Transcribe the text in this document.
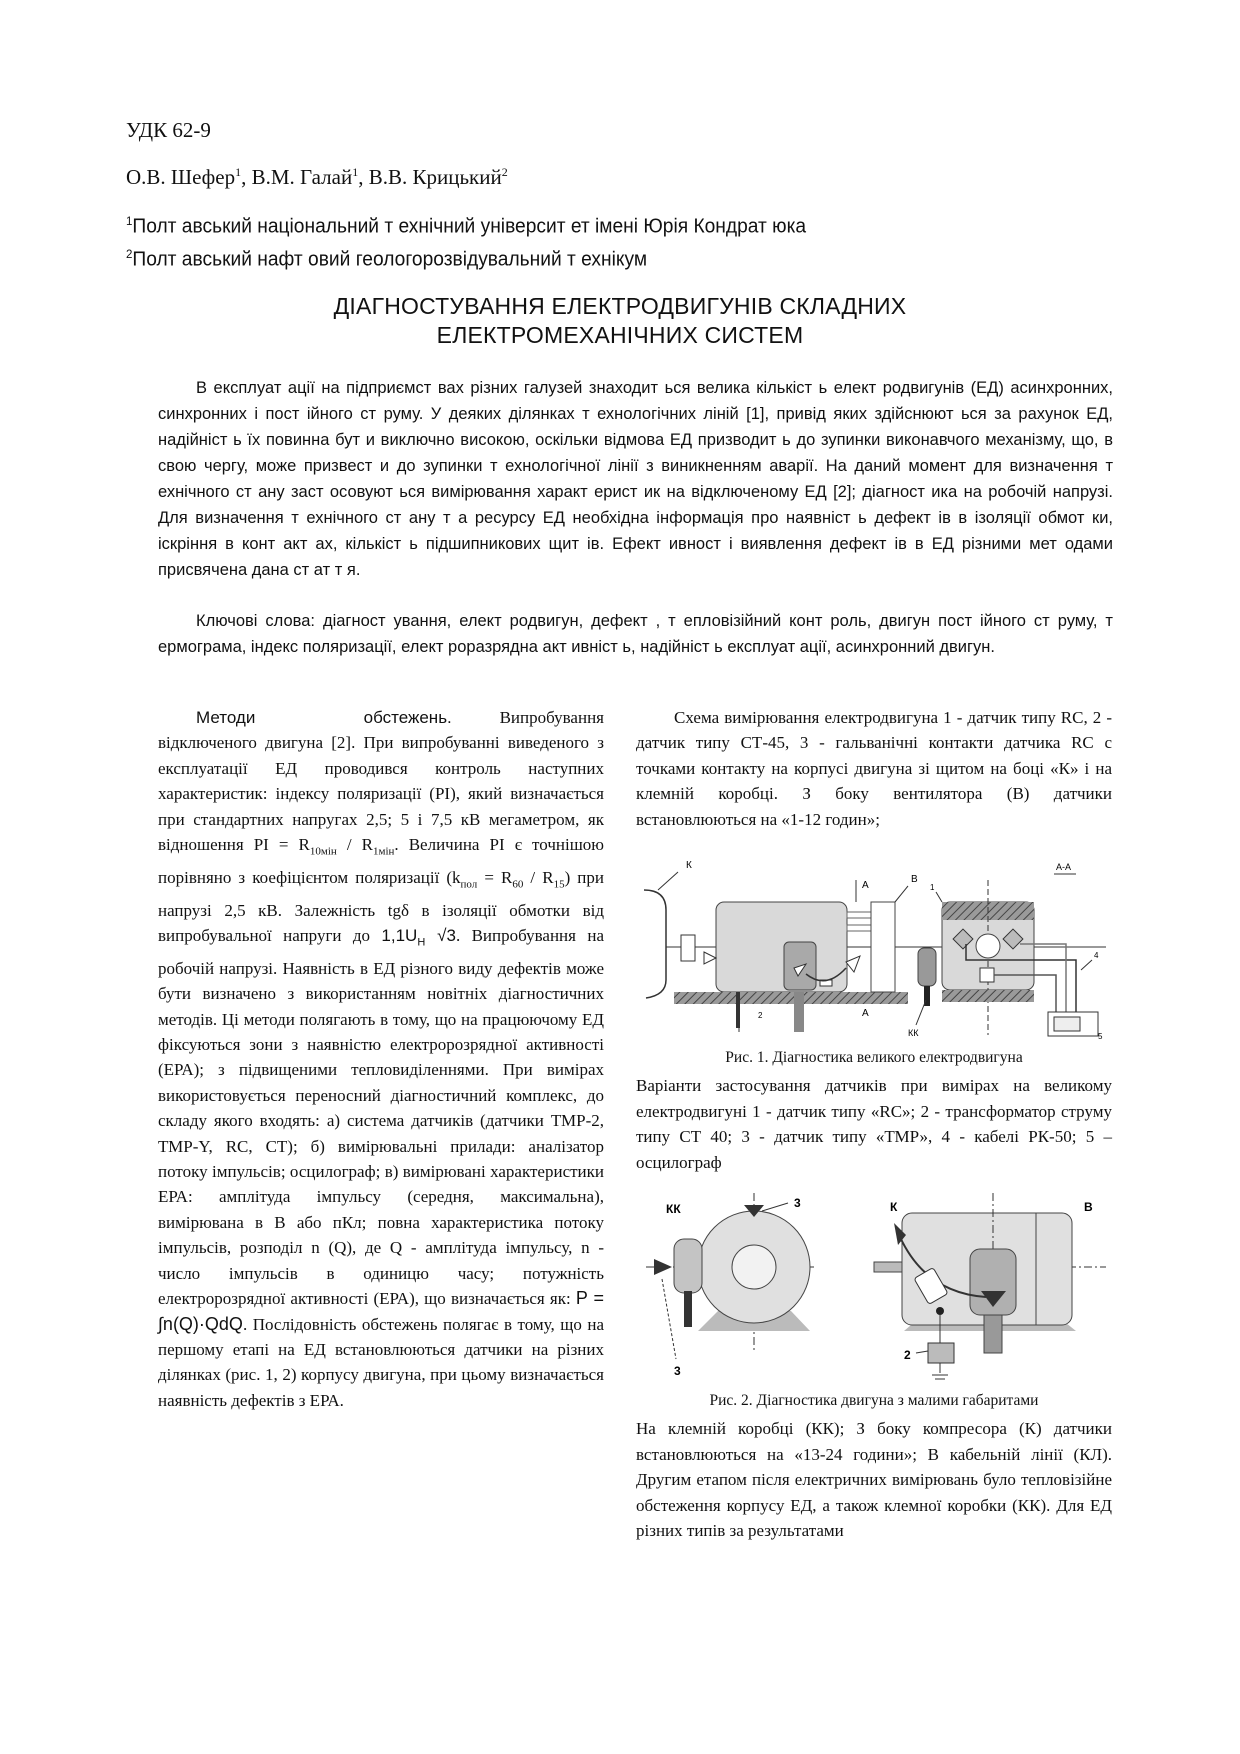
УДК 62-9
О.В. Шефер$^1$, В.М. Галай$^1$, В.В. Крицький$^2$
$^1$Полт авський національний т ехнічний університ ет імені Юрія Кондрат юка
$^2$Полт авський нафт овий геологорозвідувальний т ехнікум
ДІАГНОСТУВАННЯ ЕЛЕКТРОДВИГУНІВ СКЛАДНИХ
ЕЛЕКТРОМЕХАНІЧНИХ СИСТЕМ

В експлуат ації на підприємст вах різних галузей знаходит ься велика кількіст ь елект родвигунів (ЕД) асинхронних, синхронних і пост ійного ст руму. У деяких ділянках т ехнологічних ліній [1], привід яких здійснюют ься за рахунок ЕД, надійніст ь їх повинна бут и виключно високою, оскільки відмова ЕД призводит ь до зупинки виконавчого механізму, що, в свою чергу, може призвест и до зупинки т ехнологічної лінії з виникненням аварії. На даний момент для визначення т ехнічного ст ану заст осовуют ься вимірювання характ ерист ик на відключеному ЕД [2]; діагност ика на робочій напрузі. Для визначення т ехнічного ст ану т а ресурсу ЕД необхідна інформація про наявніст ь дефект ів в ізоляції обмот ки, іскріння в конт акт ах, кількіст ь підшипникових щит ів. Ефект ивност і виявлення дефект ів в ЕД різними мет одами присвячена дана ст ат т я.

Ключові слова: діагност ування, елект родвигун, дефект , т епловізійний конт роль, двигун пост ійного ст руму, т ермограма, індекс поляризації, елект роразрядна акт ивніст ь, надійніст ь експлуат ації, асинхронний двигун.

Методи обстежень.	Випробування відключеного двигуна [2]. При випробуванні виведеного з експлуатації ЕД проводився контроль наступних характеристик: індексу поляризації (PI), який визначається при стандартних напругах 2,5; 5 і 7,5 кВ мегаметром, як відношення PI = $R_{10мін} / R_{1мін}$. Величина PI є точнішою порівняно з коефіцієнтом поляризації $(k_{пол} = R_{60} / R_{15})$ при напрузі 2,5 кВ. Залежність tgδ в ізоляції обмотки від випробувальної напруги до $1,1U_Н$ √3. Випробування на робочій напрузі. Наявність в ЕД різного виду дефектів може бути визначено з використанням новітніх діагностичних методів. Ці методи полягають в тому, що на працюючому ЕД фіксуються зони з наявністю електророзрядної активності (ЕРА); з підвищеними тепловиділеннями. При вимірах використовується переносний діагностичний комплекс, до складу якого входять: а) система датчиків (датчики ТМР-2, ТМР-Y, RC, СТ); б) вимірювальні прилади: аналізатор потоку імпульсів; осцилограф; в) вимірювані характеристики ЕРА: амплітуда імпульсу (середня, максимальна), вимірювана в В або пКл; повна характеристика потоку імпульсів, розподіл n (Q), де Q - амплітуда імпульсу, n - число імпульсів в одиницю часу; потужність електророзрядної активності (ЕРА), що визначається як: P = ∫n(Q)·QdQ. Послідовність обстежень полягає в тому, що на першому етапі на ЕД встановлюються датчики на різних ділянках (рис. 1, 2) корпусу двигуна, при цьому визначається наявність дефектів з ЕРА.

Схема вимірювання електродвигуна 1 - датчик типу RC, 2 - датчик типу СТ-45, 3 - гальванічні контакти датчика RC с точками контакту на корпусі двигуна зі щитом на боці «К» і на клемній коробці. З боку вентилятора (В) датчики встановлюються на «1-12 годин»;

К
2
А
А
В
КК
А-А
1
4
5
Рис. 1. Діагностика великого електродвигуна

Варіанти застосування датчиків при вимірах на великому електродвигуні 1 - датчик типу «RC»; 2 - трансформатор струму типу СТ 40; 3 - датчик типу «ТМР», 4 - кабелі РК-50; 5 – осцилограф

3
КК
3
К	В
2
Рис. 2. Діагностика двигуна з малими габаритами

На клемній коробці (КК); З боку компресора (К) датчики встановлюються на «13-24 години»; В кабельній лінії (КЛ). Другим етапом після електричних вимірювань було тепловізійне обстеження корпусу ЕД, а також клемної коробки (КК). Для ЕД різних типів за результатами
